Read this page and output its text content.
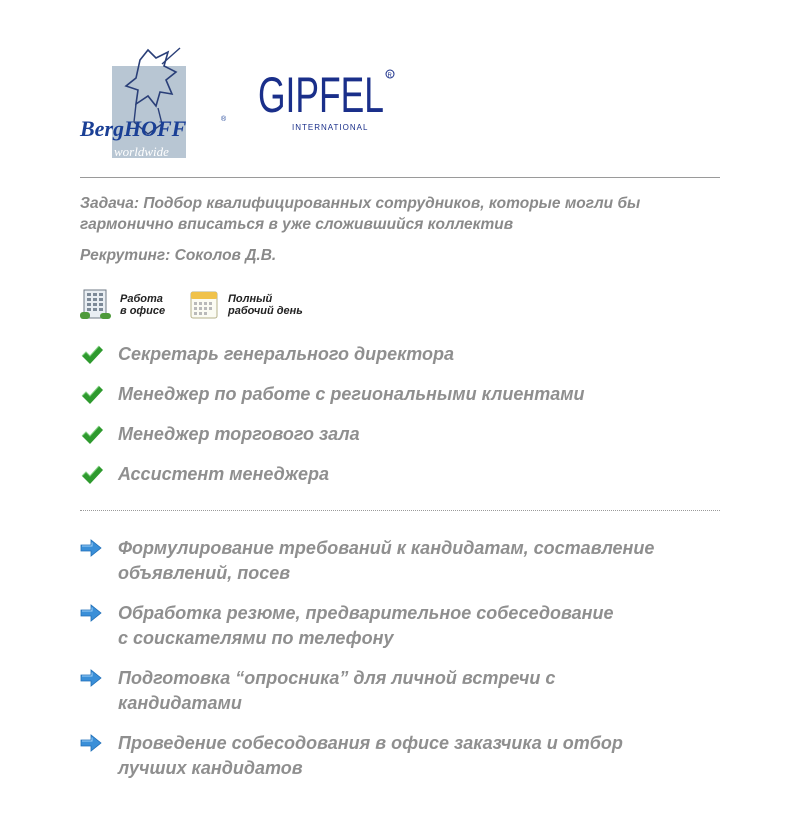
BergHOFF	®
worldwide
GIPFEL R
INTERNATIONAL

Задача: Подбор квалифицированных сотрудников, которые могли бы гармонично вписаться в уже сложившийся коллектив

Рекрутинг: Соколов Д.В.

Работа
в офисе
Полный
рабочий день
Секретарь генерального директора
Менеджер по работе с региональными клиентами
Менеджер торгового зала
Ассистент менеджера
Формулирование требований к кандидатам, составление
объявлений, посев
Обработка резюме, предварительное собеседование
с соискателями по телефону
Подготовка “опросника” для личной встречи с
кандидатами
Проведение собесодования в офисе заказчика и отбор
лучших кандидатов
